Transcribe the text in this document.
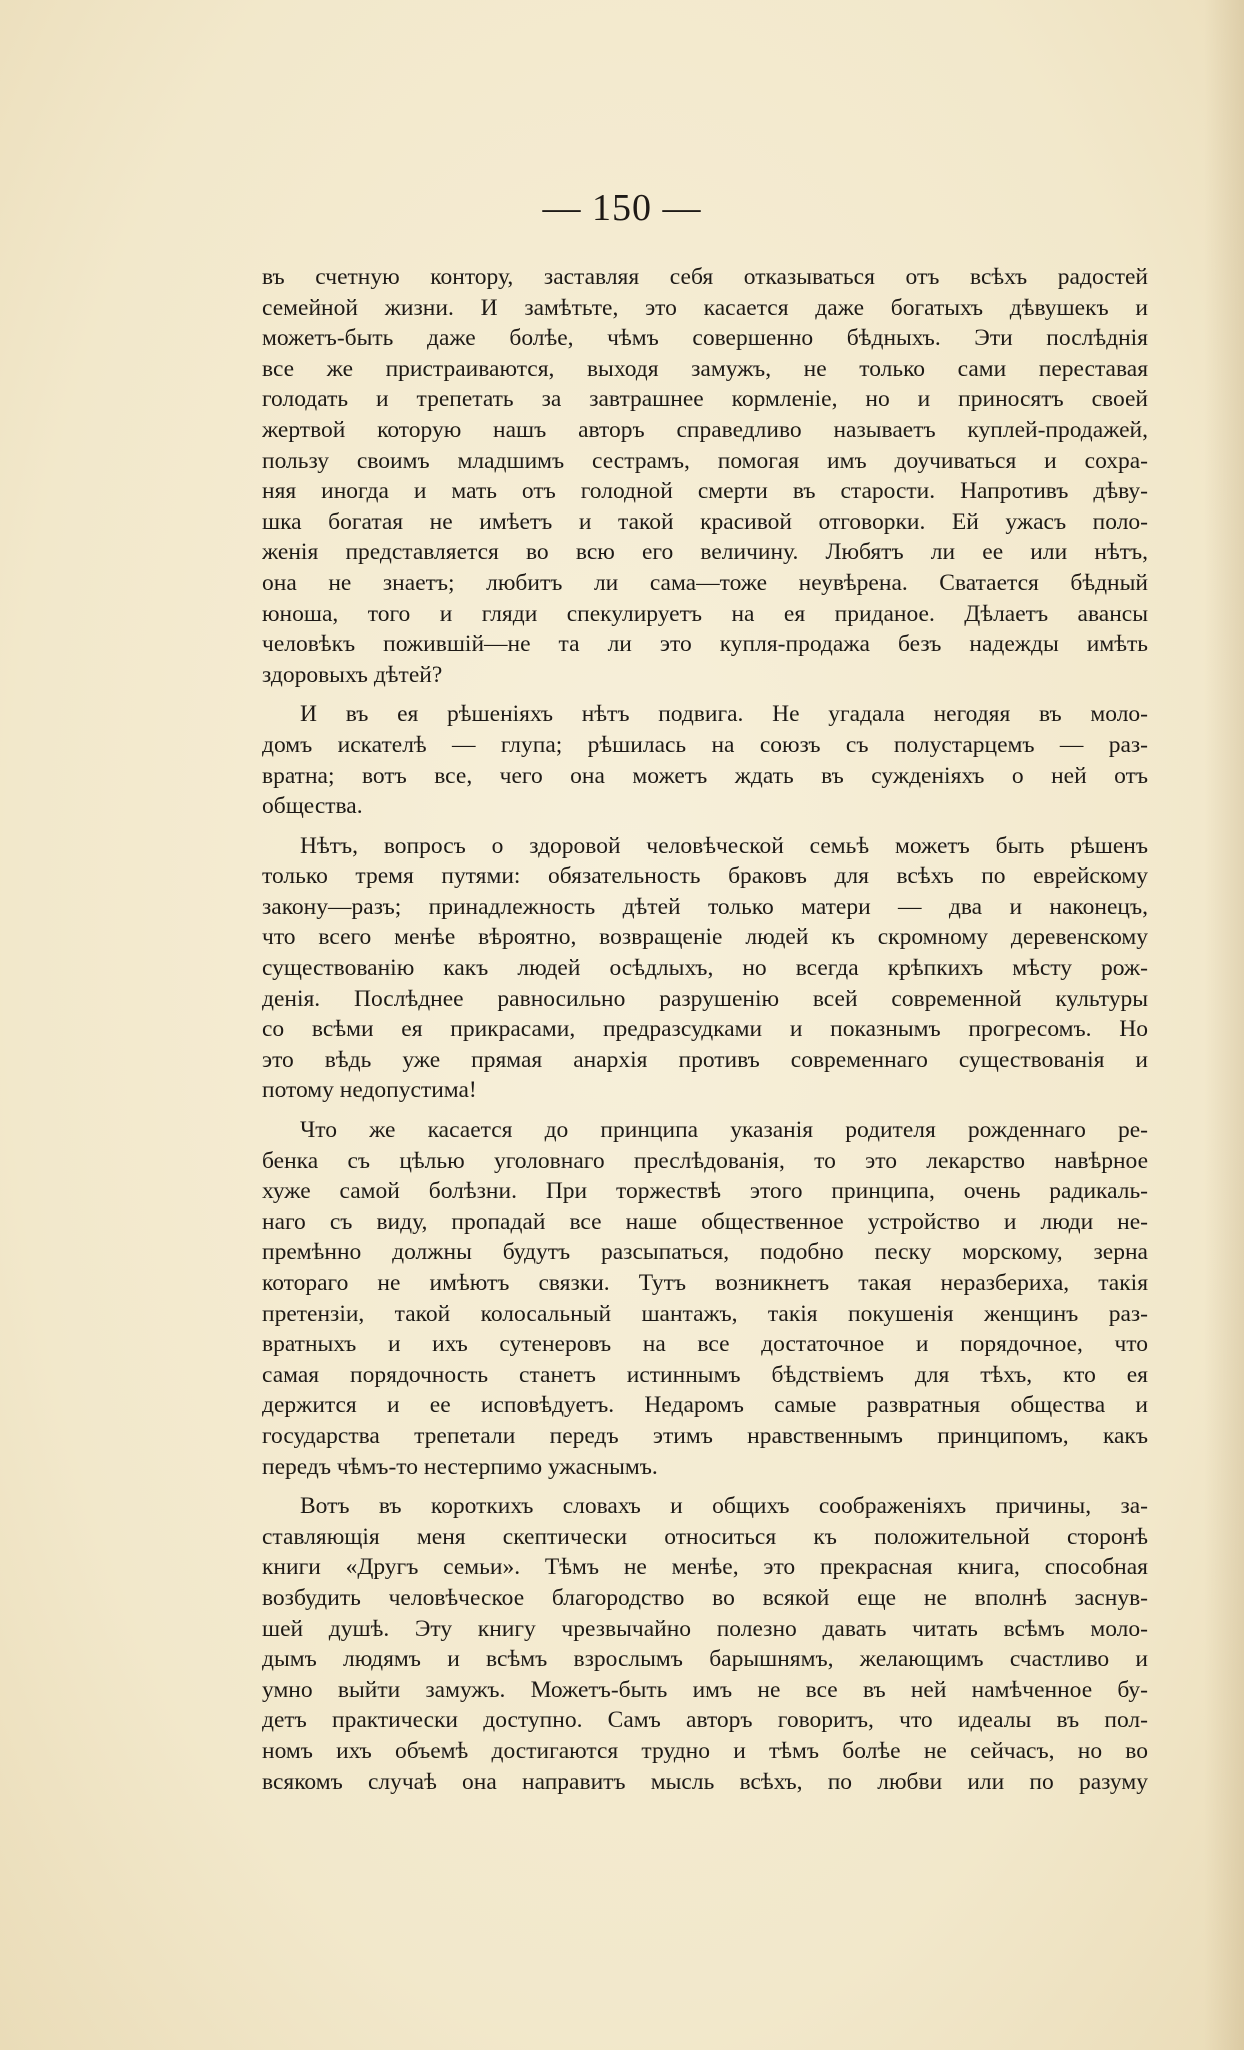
— 150 —
въ счетную контору, заставляя себя отказываться отъ всѣхъ радостей
семейной жизни. И замѣтьте, это касается даже богатыхъ дѣвушекъ и
можетъ-быть даже болѣе, чѣмъ совершенно бѣдныхъ. Эти послѣднія
все же пристраиваются, выходя замужъ, не только сами переставая
голодать и трепетать за завтрашнее кормленіе, но и приносятъ своей
жертвой которую нашъ авторъ справедливо называетъ куплей-продажей,
пользу своимъ младшимъ сестрамъ, помогая имъ доучиваться и сохра-
няя иногда и мать отъ голодной смерти въ старости. Напротивъ дѣву-
шка богатая не имѣетъ и такой красивой отговорки. Ей ужасъ поло-
женія представляется во всю его величину. Любятъ ли ее или нѣтъ,
она не знаетъ; любитъ ли сама—тоже неувѣрена. Сватается бѣдный
юноша, того и гляди спекулируетъ на ея приданое. Дѣлаетъ авансы
человѣкъ пожившій—не та ли это купля-продажа безъ надежды имѣть
здоровыхъ дѣтей?
И въ ея рѣшеніяхъ нѣтъ подвига. Не угадала негодяя въ моло-
домъ искателѣ — глупа; рѣшилась на союзъ съ полустарцемъ — раз-
вратна; вотъ все, чего она можетъ ждать въ сужденіяхъ о ней отъ
общества.
Нѣтъ, вопросъ о здоровой человѣческой семьѣ можетъ быть рѣшенъ
только тремя путями: обязательность браковъ для всѣхъ по еврейскому
закону—разъ; принадлежность дѣтей только матери — два и наконецъ,
что всего менѣе вѣроятно, возвращеніе людей къ скромному деревенскому
существованію какъ людей осѣдлыхъ, но всегда крѣпкихъ мѣсту рож-
денія. Послѣднее равносильно разрушенію всей современной культуры
со всѣми ея прикрасами, предразсудками и показнымъ прогресомъ. Но
это вѣдь уже прямая анархія противъ современнаго существованія и
потому недопустима!
Что же касается до принципа указанія родителя рожденнаго ре-
бенка съ цѣлью уголовнаго преслѣдованія, то это лекарство навѣрное
хуже самой болѣзни. При торжествѣ этого принципа, очень радикаль-
наго съ виду, пропадай все наше общественное устройство и люди не-
премѣнно должны будутъ разсыпаться, подобно песку морскому, зерна
котораго не имѣютъ связки. Тутъ возникнетъ такая неразбериха, такія
претензіи, такой колосальный шантажъ, такія покушенія женщинъ раз-
вратныхъ и ихъ сутенеровъ на все достаточное и порядочное, что
самая порядочность станетъ истиннымъ бѣдствіемъ для тѣхъ, кто ея
держится и ее исповѣдуетъ. Недаромъ самые развратныя общества и
государства трепетали передъ этимъ нравственнымъ принципомъ, какъ
передъ чѣмъ-то нестерпимо ужаснымъ.
Вотъ въ короткихъ словахъ и общихъ соображеніяхъ причины, за-
ставляющія меня скептически относиться къ положительной сторонѣ
книги «Другъ семьи». Тѣмъ не менѣе, это прекрасная книга, способная
возбудить человѣческое благородство во всякой еще не вполнѣ заснув-
шей душѣ. Эту книгу чрезвычайно полезно давать читать всѣмъ моло-
дымъ людямъ и всѣмъ взрослымъ барышнямъ, желающимъ счастливо и
умно выйти замужъ. Можетъ-быть имъ не все въ ней намѣченное бу-
детъ практически доступно. Самъ авторъ говоритъ, что идеалы въ пол-
номъ ихъ объемѣ достигаются трудно и тѣмъ болѣе не сейчасъ, но во
всякомъ случаѣ она направитъ мысль всѣхъ, по любви или по разуму
